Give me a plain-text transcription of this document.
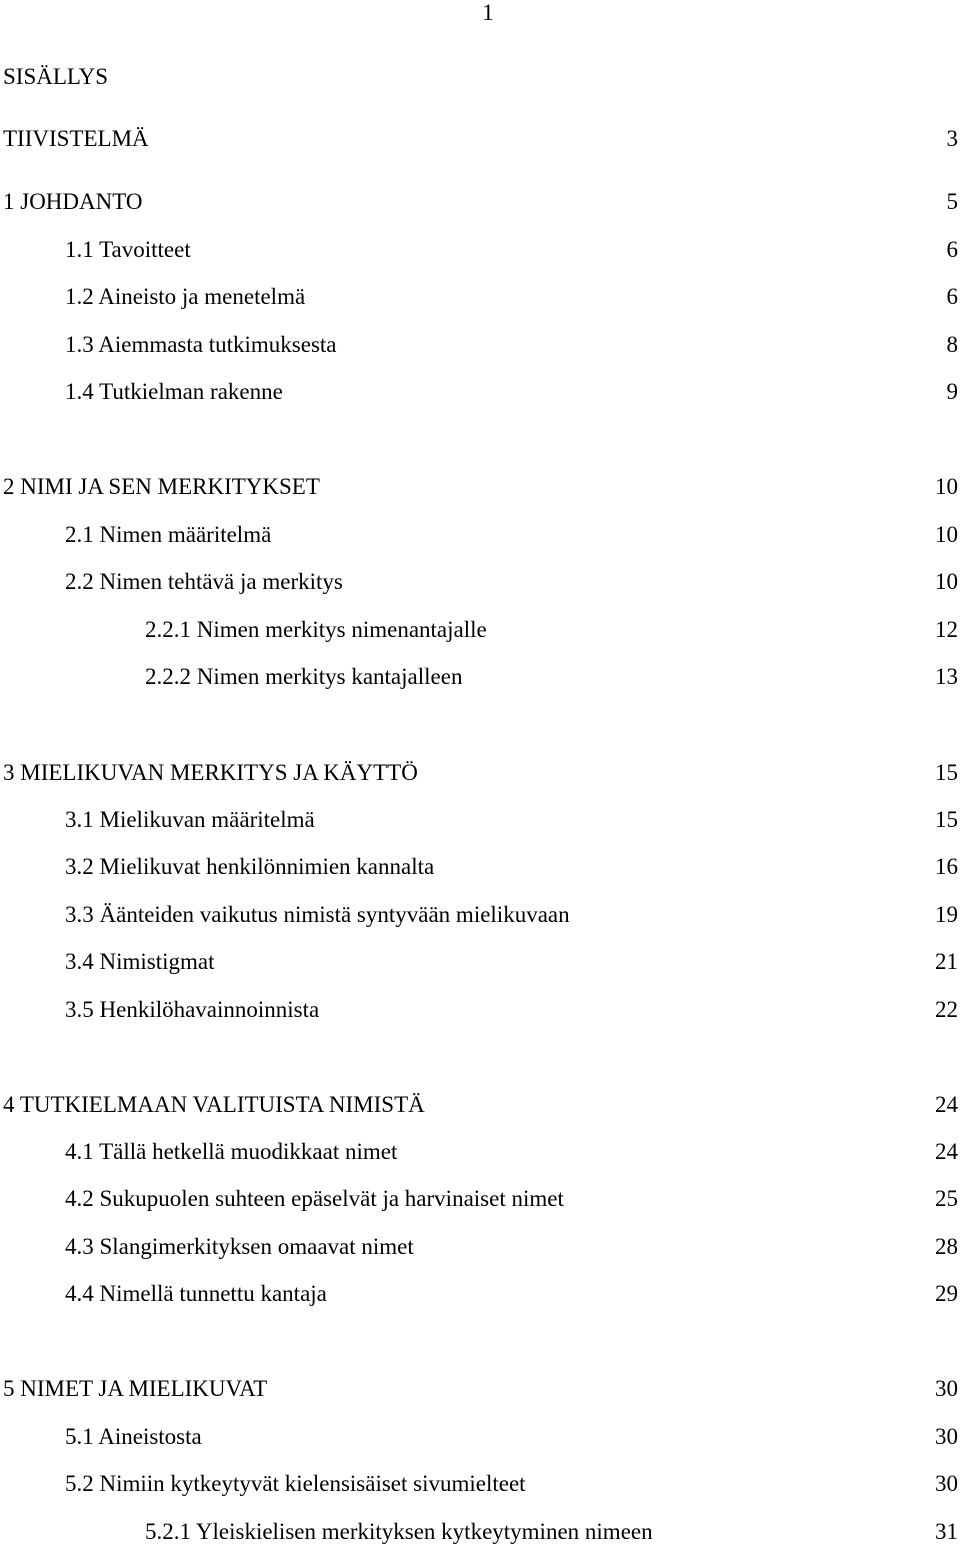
1
SISÄLLYS
TIIVISTELMÄ	3
1 JOHDANTO	5
1.1 Tavoitteet	6
1.2 Aineisto ja menetelmä	6
1.3 Aiemmasta tutkimuksesta	8
1.4 Tutkielman rakenne	9
2 NIMI JA SEN MERKITYKSET	10
2.1 Nimen määritelmä	10
2.2 Nimen tehtävä ja merkitys	10
2.2.1 Nimen merkitys nimenantajalle	12
2.2.2 Nimen merkitys kantajalleen	13
3 MIELIKUVAN MERKITYS JA KÄYTTÖ	15
3.1 Mielikuvan määritelmä	15
3.2 Mielikuvat henkilönnimien kannalta	16
3.3 Äänteiden vaikutus nimistä syntyvään mielikuvaan	19
3.4 Nimistigmat	21
3.5 Henkilöhavainnoinnista	22
4 TUTKIELMAAN VALITUISTA NIMISTÄ	24
4.1 Tällä hetkellä muodikkaat nimet	24
4.2 Sukupuolen suhteen epäselvät ja harvinaiset nimet	25
4.3 Slangimerkityksen omaavat nimet	28
4.4 Nimellä tunnettu kantaja	29
5 NIMET JA MIELIKUVAT	30
5.1 Aineistosta	30
5.2 Nimiin kytkeytyvät kielensisäiset sivumielteet	30
5.2.1 Yleiskielisen merkityksen kytkeytyminen nimeen	31
